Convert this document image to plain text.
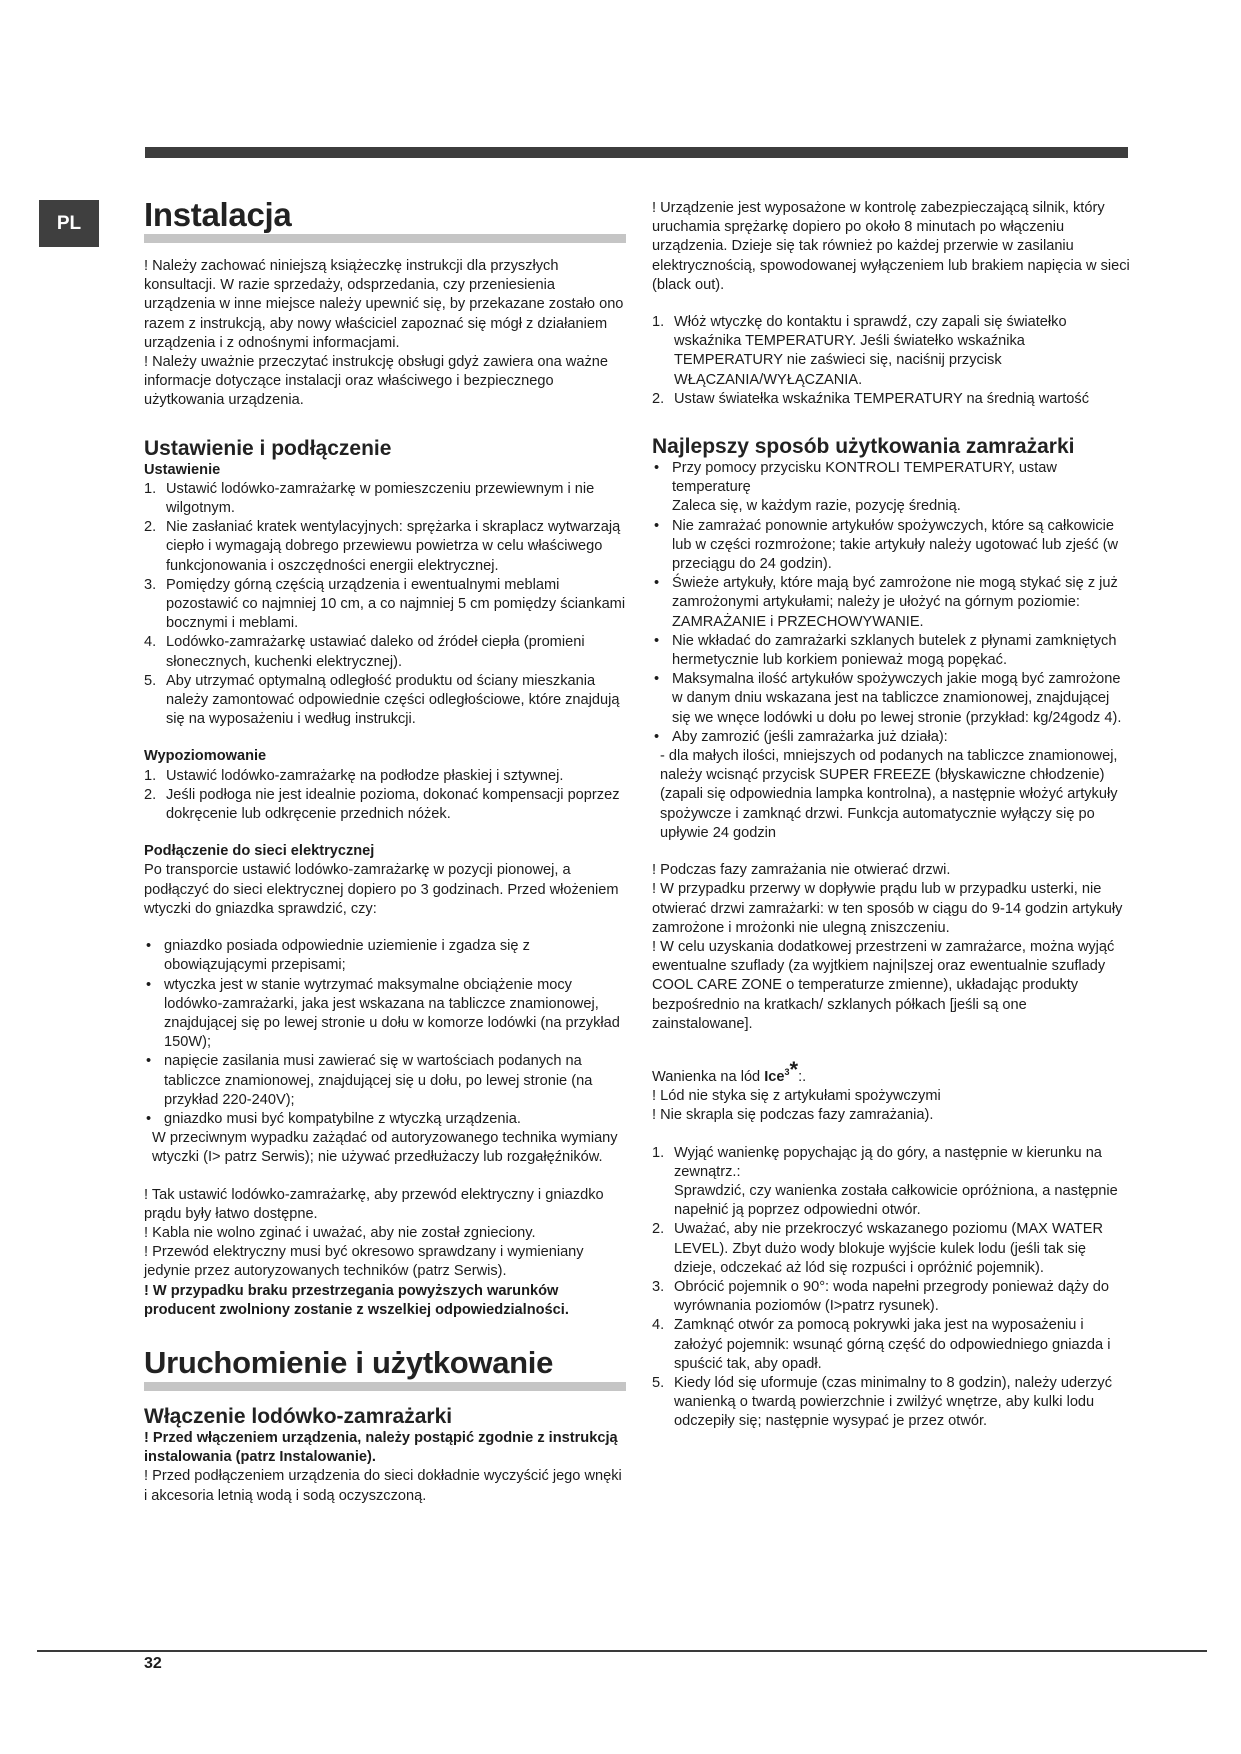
PL	Instalacja

! Należy zachować niniejszą książeczkę instrukcji dla przyszłych konsultacji. W razie sprzedaży, odsprzedania, czy przeniesienia urządzenia w inne miejsce należy upewnić się, by przekazane zostało ono razem z instrukcją, aby nowy właściciel zapoznać się mógł z działaniem urządzenia i z odnośnymi informacjami.

! Należy uważnie przeczytać instrukcję obsługi gdyż zawiera ona ważne informacje dotyczące instalacji oraz właściwego i bezpiecznego użytkowania urządzenia.

Ustawienie i podłączenie
Ustawienie
1. Ustawić lodówko-zamrażarkę w pomieszczeniu przewiewnym i nie wilgotnym.
2. Nie zasłaniać kratek wentylacyjnych: sprężarka i skraplacz wytwarzają ciepło i wymagają dobrego przewiewu powietrza w celu właściwego funkcjonowania i oszczędności energii elektrycznej.
3. Pomiędzy górną częścią urządzenia i ewentualnymi meblami pozostawić co najmniej 10 cm, a co najmniej 5 cm pomiędzy ściankami bocznymi i meblami.
4. Lodówko-zamrażarkę ustawiać daleko od źródeł ciepła (promieni słonecznych, kuchenki elektrycznej).
5. Aby utrzymać optymalną odległość produktu od ściany mieszkania należy zamontować odpowiednie części odległościowe, które znajdują się na wyposażeniu i według instrukcji.
Wypoziomowanie
1. Ustawić lodówko-zamrażarkę na podłodze płaskiej i sztywnej.
2. Jeśli podłoga nie jest idealnie pozioma, dokonać kompensacji poprzez dokręcenie lub odkręcenie przednich nóżek.
Podłączenie do sieci elektrycznej

Po transporcie ustawić lodówko-zamrażarkę w pozycji pionowej, a podłączyć do sieci elektrycznej dopiero po 3 godzinach. Przed włożeniem wtyczki do gniazdka sprawdzić, czy:

• gniazdko posiada odpowiednie uziemienie i zgadza się z obowiązującymi przepisami;
• wtyczka jest w stanie wytrzymać maksymalne obciążenie mocy lodówko-zamrażarki, jaka jest wskazana na tabliczce znamionowej, znajdującej się po lewej stronie u dołu w komorze lodówki (na przykład 150W);
• napięcie zasilania musi zawierać się w wartościach podanych na tabliczce znamionowej, znajdującej się u dołu, po lewej stronie (na przykład 220-240V);
• gniazdko musi być kompatybilne z wtyczką urządzenia.

W przeciwnym wypadku zażądać od autoryzowanego technika wymiany wtyczki (I> patrz Serwis); nie używać przedłużaczy lub rozgałęźników.

! Tak ustawić lodówko-zamrażarkę, aby przewód elektryczny i gniazdko prądu były łatwo dostępne.

! Kabla nie wolno zginać i uważać, aby nie został zgnieciony.

! Przewód elektryczny musi być okresowo sprawdzany i wymieniany jedynie przez autoryzowanych techników (patrz Serwis).

! W przypadku braku przestrzegania powyższych warunków producent zwolniony zostanie z wszelkiej odpowiedzialności.

Uruchomienie i użytkowanie
Włączenie lodówko-zamrażarki

! Przed włączeniem urządzenia, należy postąpić zgodnie z instrukcją instalowania (patrz Instalowanie).

! Przed podłączeniem urządzenia do sieci dokładnie wyczyścić jego wnęki i akcesoria letnią wodą i sodą oczyszczoną.

! Urządzenie jest wyposażone w kontrolę zabezpieczającą silnik, który uruchamia sprężarkę dopiero po około 8 minutach po włączeniu urządzenia. Dzieje się tak również po każdej przerwie w zasilaniu elektrycznością, spowodowanej wyłączeniem lub brakiem napięcia w sieci (black out).

1. Włóż wtyczkę do kontaktu i sprawdź, czy zapali się światełko wskaźnika TEMPERATURY. Jeśli światełko wskaźnika TEMPERATURY nie zaświeci się, naciśnij przycisk WŁĄCZANIA/WYŁĄCZANIA.
2. Ustaw światełka wskaźnika TEMPERATURY na średnią wartość
Najlepszy sposób użytkowania zamrażarki
• Przy pomocy przycisku KONTROLI TEMPERATURY, ustaw temperaturę
Zaleca się, w każdym razie, pozycję średnią.
• Nie zamrażać ponownie artykułów spożywczych, które są całkowicie lub w części rozmrożone; takie artykuły należy ugotować lub zjeść (w przeciągu do 24 godzin).
• Świeże artykuły, które mają być zamrożone nie mogą stykać się z już zamrożonymi artykułami; należy je ułożyć na górnym poziomie: ZAMRAŻANIE i PRZECHOWYWANIE.
• Nie wkładać do zamrażarki szklanych butelek z płynami zamkniętych hermetycznie lub korkiem ponieważ mogą popękać.
• Maksymalna ilość artykułów spożywczych jakie mogą być zamrożone w danym dniu wskazana jest na tabliczce znamionowej, znajdującej się we wnęce lodówki u dołu po lewej stronie (przykład: kg/24godz 4).
• Aby zamrozić (jeśli zamrażarka już działa):

- dla małych ilości, mniejszych od podanych na tabliczce znamionowej, należy wcisnąć przycisk SUPER FREEZE (błyskawiczne chłodzenie) (zapali się odpowiednia lampka kontrolna), a następnie włożyć artykuły spożywcze i zamknąć drzwi. Funkcja automatycznie wyłączy się po upływie 24 godzin

! Podczas fazy zamrażania nie otwierać drzwi.

! W przypadku przerwy w dopływie prądu lub w przypadku usterki, nie otwierać drzwi zamrażarki: w ten sposób w ciągu do 9-14 godzin artykuły zamrożone i mrożonki nie ulegną zniszczeniu.

! W celu uzyskania dodatkowej przestrzeni w zamrażarce, można wyjąć ewentualne szuflady (za wyjtkiem najni|szej oraz ewentualnie szuflady COOL CARE ZONE o temperaturze zmienne), układając produkty bezpośrednio na kratkach/ szklanych półkach [jeśli są one zainstalowane].

Wanienka na lód Ice$^3$*:.

! Lód nie styka się z artykułami spożywczymi

! Nie skrapla się podczas fazy zamrażania).

1. Wyjąć wanienkę popychając ją do góry, a następnie w kierunku na zewnątrz.:
Sprawdzić, czy wanienka została całkowicie opróżniona, a następnie napełnić ją poprzez odpowiedni otwór.
2. Uważać, aby nie przekroczyć wskazanego poziomu (MAX WATER LEVEL). Zbyt dużo wody blokuje wyjście kulek lodu (jeśli tak się dzieje, odczekać aż lód się rozpuści i opróżnić pojemnik).
3. Obrócić pojemnik o 90°: woda napełni przegrody ponieważ dąży do wyrównania poziomów (I>patrz rysunek).
4. Zamknąć otwór za pomocą pokrywki jaka jest na wyposażeniu i założyć pojemnik: wsunąć górną część do odpowiedniego gniazda i spuścić tak, aby opadł.
5. Kiedy lód się uformuje (czas minimalny to 8 godzin), należy uderzyć wanienką o twardą powierzchnie i zwilżyć wnętrze, aby kulki lodu odczepiły się; następnie wysypać je przez otwór.
32
